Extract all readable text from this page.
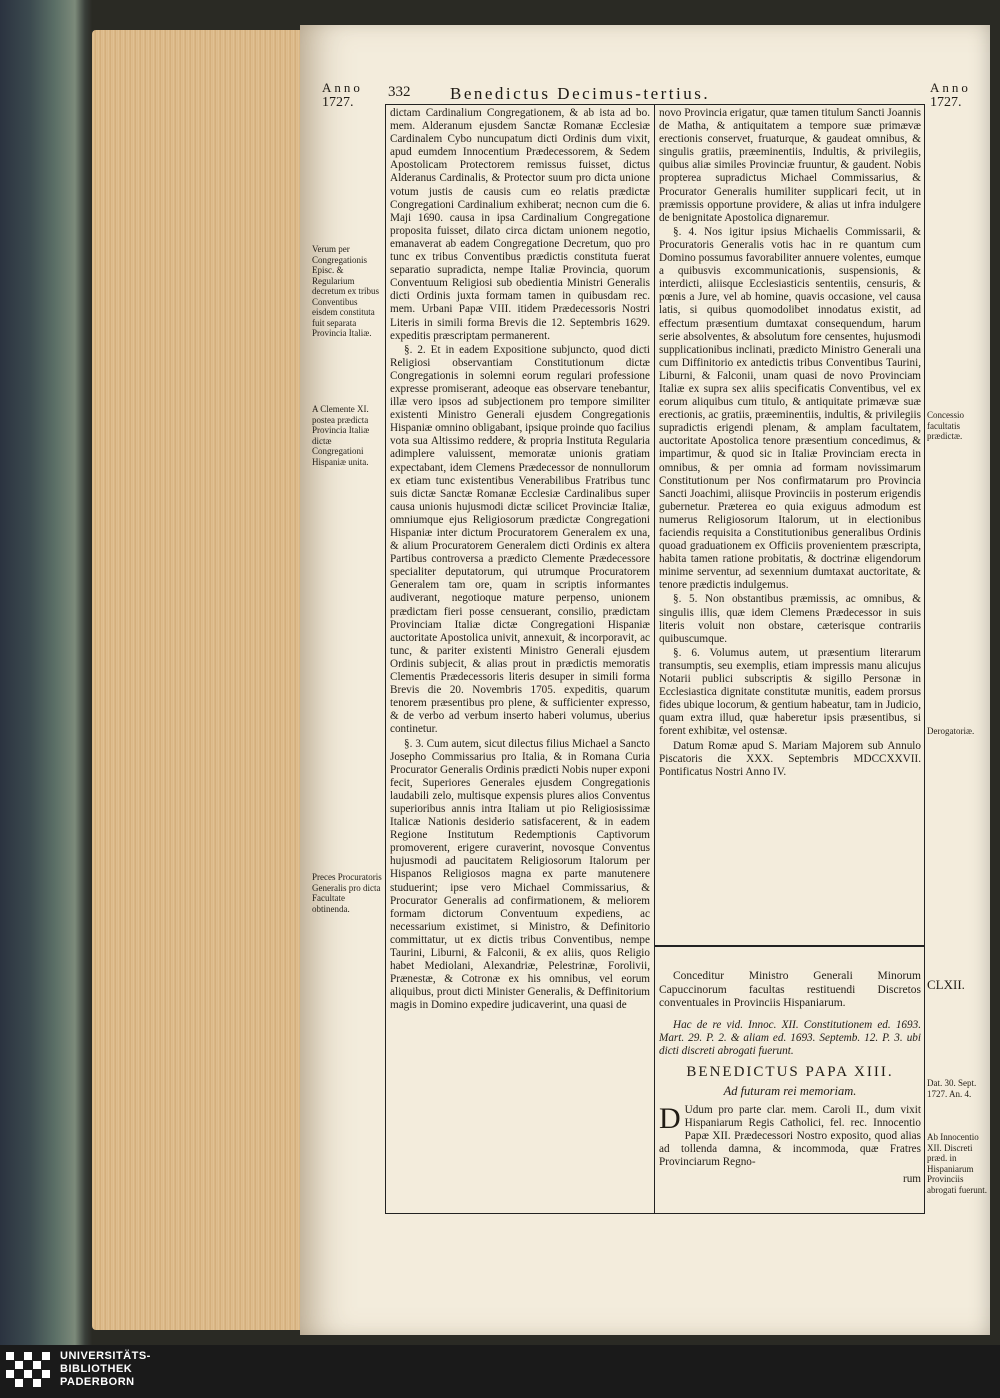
Anno
1727.
332 Benedictus Decimus-tertius.	Anno
1727.
Verum per Congregationis Episc. & Regularium decretum ex tribus Conventibus eisdem constituta fuit separata Provincia Italiæ.
A Clemente XI. postea prædicta Provincia Italiæ dictæ Congregationi Hispaniæ unita.
Preces Procuratoris Generalis pro dicta Facultate obtinenda.

dictam Cardinalium Congregationem, & ab ista ad bo. mem. Alderanum ejusdem Sanctæ Romanæ Ecclesiæ Cardinalem Cybo nuncupatum dicti Ordinis dum vixit, apud eumdem Innocentium Prædecessorem, & Sedem Apostolicam Protectorem remissus fuisset, dictus Alderanus Cardinalis, & Protector suum pro dicta unione votum justis de causis cum eo relatis prædictæ Congregationi Cardinalium exhiberat; necnon cum die 6. Maji 1690. causa in ipsa Cardinalium Congregatione proposita fuisset, dilato circa dictam unionem negotio, emanaverat ab eadem Congregatione Decretum, quo pro tunc ex tribus Conventibus prædictis constituta fuerat separatio supradicta, nempe Italiæ Provincia, quorum Conventuum Religiosi sub obedientia Ministri Generalis dicti Ordinis juxta formam tamen in quibusdam rec. mem. Urbani Papæ VIII. itidem Prædecessoris Nostri Literis in simili forma Brevis die 12. Septembris 1629. expeditis præscriptam permanerent.

§. 2. Et in eadem Expositione subjuncto, quod dicti Religiosi observantiam Constitutionum dictæ Congregationis in solemni eorum regulari professione expresse promiserant, adeoque eas observare tenebantur, illæ vero ipsos ad subjectionem pro tempore similiter existenti Ministro Generali ejusdem Congregationis Hispaniæ omnino obligabant, ipsique proinde quo facilius vota sua Altissimo reddere, & propria Instituta Regularia adimplere valuissent, memoratæ unionis gratiam expectabant, idem Clemens Prædecessor de nonnullorum ex etiam tunc existentibus Venerabilibus Fratribus tunc suis dictæ Sanctæ Romanæ Ecclesiæ Cardinalibus super causa unionis hujusmodi dictæ scilicet Provinciæ Italiæ, omniumque ejus Religiosorum prædictæ Congregationi Hispaniæ inter dictum Procuratorem Generalem ex una, & alium Procuratorem Generalem dicti Ordinis ex altera Partibus controversa a prædicto Clemente Prædecessore specialiter deputatorum, qui utrumque Procuratorem Generalem tam ore, quam in scriptis informantes audiverant, negotioque mature perpenso, unionem prædictam fieri posse censuerant, consilio, prædictam Provinciam Italiæ dictæ Congregationi Hispaniæ auctoritate Apostolica univit, annexuit, & incorporavit, ac tunc, & pariter existenti Ministro Generali ejusdem Ordinis subjecit, & alias prout in prædictis memoratis Clementis Prædecessoris literis desuper in simili forma Brevis die 20. Novembris 1705. expeditis, quarum tenorem præsentibus pro plene, & sufficienter expresso, & de verbo ad verbum inserto haberi volumus, uberius continetur.

§. 3. Cum autem, sicut dilectus filius Michael a Sancto Josepho Commissarius pro Italia, & in Romana Curia Procurator Generalis Ordinis prædicti Nobis nuper exponi fecit, Superiores Generales ejusdem Congregationis laudabili zelo, multisque expensis plures alios Conventus superioribus annis intra Italiam ut pio Religiosissimæ Italicæ Nationis desiderio satisfacerent, & in eadem Regione Institutum Redemptionis Captivorum promoverent, erigere curaverint, novosque Conventus hujusmodi ad paucitatem Religiosorum Italorum per Hispanos Religiosos magna ex parte manutenere studuerint; ipse vero Michael Commissarius, & Procurator Generalis ad confirmationem, & meliorem formam dictorum Conventuum expediens, ac necessarium existimet, si Ministro, & Definitorio committatur, ut ex dictis tribus Conventibus, nempe Taurini, Liburni, & Falconii, & ex aliis, quos Religio habet Mediolani, Alexandriæ, Pelestrinæ, Forolivii, Prænestæ, & Cotronæ ex his omnibus, vel eorum aliquibus, prout dicti Minister Generalis, & Deffinitorium magis in Domino expedire judicaverint, una quasi de

novo Provincia erigatur, quæ tamen titulum Sancti Joannis de Matha, & antiquitatem a tempore suæ primævæ erectionis conservet, fruaturque, & gaudeat omnibus, & singulis gratiis, præeminentiis, Indultis, & privilegiis, quibus aliæ similes Provinciæ fruuntur, & gaudent. Nobis propterea supradictus Michael Commissarius, & Procurator Generalis humiliter supplicari fecit, ut in præmissis opportune providere, & alias ut infra indulgere de benignitate Apostolica dignaremur.

§. 4. Nos igitur ipsius Michaelis Commissarii, & Procuratoris Generalis votis hac in re quantum cum Domino possumus favorabiliter annuere volentes, eumque a quibusvis excommunicationis, suspensionis, & interdicti, aliisque Ecclesiasticis sententiis, censuris, & pœnis a Jure, vel ab homine, quavis occasione, vel causa latis, si quibus quomodolibet innodatus existit, ad effectum præsentium dumtaxat consequendum, harum serie absolventes, & absolutum fore censentes, hujusmodi supplicationibus inclinati, prædicto Ministro Generali una cum Diffinitorio ex antedictis tribus Conventibus Taurini, Liburni, & Falconii, unam quasi de novo Provinciam Italiæ ex supra sex aliis specificatis Conventibus, vel ex eorum aliquibus cum titulo, & antiquitate primævæ suæ erectionis, ac gratiis, præeminentiis, indultis, & privilegiis supradictis erigendi plenam, & amplam facultatem, auctoritate Apostolica tenore præsentium concedimus, & impartimur, & quod sic in Italiæ Provinciam erecta in omnibus, & per omnia ad formam novissimarum Constitutionum per Nos confirmatarum pro Provincia Sancti Joachimi, aliisque Provinciis in posterum erigendis gubernetur. Præterea eo quia exiguus admodum est numerus Religiosorum Italorum, ut in electionibus faciendis requisita a Constitutionibus generalibus Ordinis quoad graduationem ex Officiis provenientem præscripta, habita tamen ratione probitatis, & doctrinæ eligendorum minime serventur, ad sexennium dumtaxat auctoritate, & tenore prædictis indulgemus.

§. 5. Non obstantibus præmissis, ac omnibus, & singulis illis, quæ idem Clemens Prædecessor in suis literis voluit non obstare, cæterisque contrariis quibuscumque.

§. 6. Volumus autem, ut præsentium literarum transumptis, seu exemplis, etiam impressis manu alicujus Notarii publici subscriptis & sigillo Personæ in Ecclesiastica dignitate constitutæ munitis, eadem prorsus fides ubique locorum, & gentium habeatur, tam in Judicio, quam extra illud, quæ haberetur ipsis præsentibus, si forent exhibitæ, vel ostensæ.

Datum Romæ apud S. Mariam Majorem sub Annulo Piscatoris die XXX. Septembris MDCCXXVII. Pontificatus Nostri Anno IV.

Conceditur Ministro Generali Minorum Capuccinorum facultas restituendi Discretos conventuales in Provinciis Hispaniarum.

Hac de re vid. Innoc. XII. Constitutionem ed. 1693. Mart. 29. P. 2. & aliam ed. 1693. Septemb. 12. P. 3. ubi dicti discreti abrogati fuerunt.

BENEDICTUS PAPA XIII.

Ad futuram rei memoriam.

D Udum pro parte clar. mem. Caroli II., dum vixit Hispaniarum Regis Catholici, fel. rec. Innocentio Papæ XII. Prædecessori Nostro exposito, quod alias ad tollenda damna, & incommoda, quæ Fratres Provinciarum Regno-

rum

Concessio facultatis prædictæ.
Derogatoriæ.
CLXII.
Dat. 30. Sept. 1727. An. 4.
Ab Innocentio XII. Discreti præd. in Hispaniarum Provinciis abrogati fuerunt.
UNIVERSITÄTS-
BIBLIOTHEK
PADERBORN
